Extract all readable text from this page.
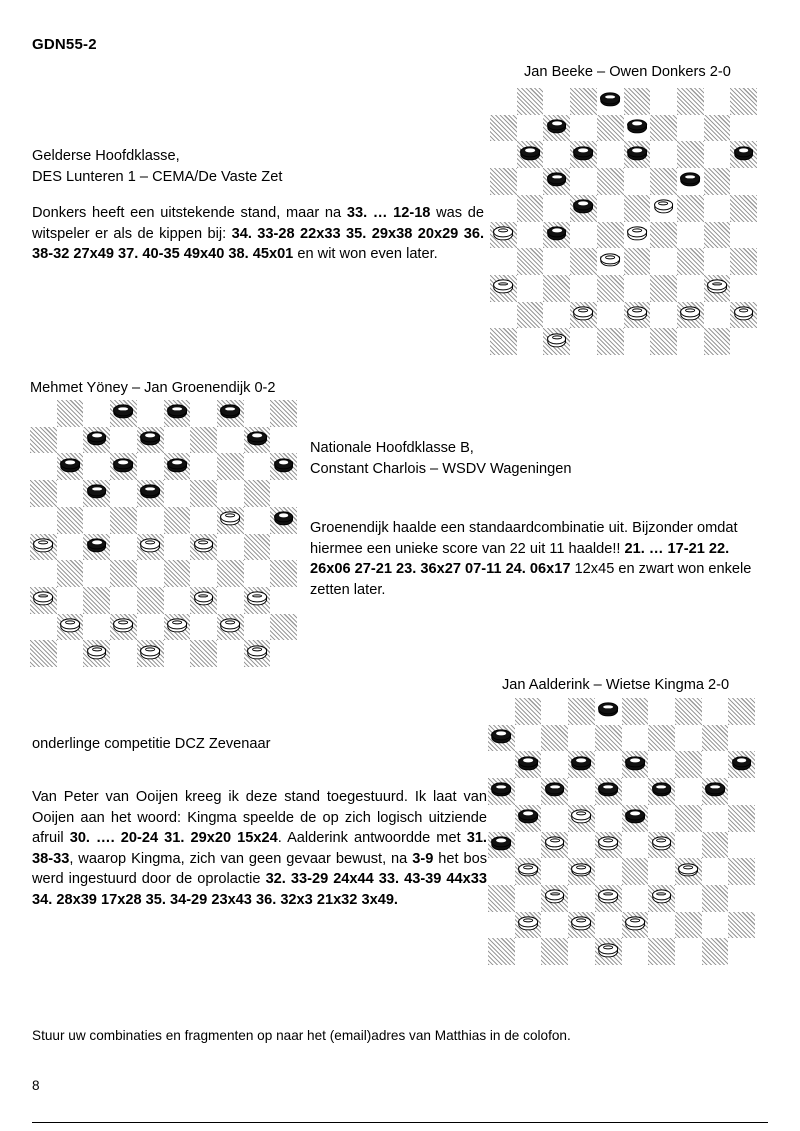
GDN55-2
Jan Beeke – Owen Donkers 2-0
Gelderse Hoofdklasse,
DES Lunteren 1 – CEMA/De Vaste Zet
Donkers heeft een uitstekende stand, maar na 33. … 12-18 was de witspeler er als de kippen bij: 34. 33-28 22x33 35. 29x38 20x29 36. 38-32 27x49 37. 40-35 49x40 38. 45x01 en wit won even later.
Mehmet Yöney – Jan Groenendijk 0-2
Nationale Hoofdklasse B,
Constant Charlois – WSDV Wageningen
Groenendijk haalde een standaardcombinatie uit. Bijzonder omdat hiermee een unieke score van 22 uit 11 haalde!! 21. … 17-21 22. 26x06 27-21 23. 36x27 07-11 24. 06x17 12x45 en zwart won enkele zetten later.
Jan Aalderink – Wietse Kingma 2-0
onderlinge competitie DCZ Zevenaar
Van Peter van Ooijen kreeg ik deze stand toegestuurd. Ik laat van Ooijen aan het woord: Kingma speelde de op zich logisch uitziende afruil 30. …. 20-24 31. 29x20 15x24. Aalderink antwoordde met 31. 38-33, waarop Kingma, zich van geen gevaar bewust, na 3-9 het bos werd ingestuurd door de oprolactie 32. 33-29 24x44 33. 43-39 44x33 34. 28x39 17x28 35. 34-29 23x43 36. 32x3 21x32 3x49.
Stuur uw combinaties en fragmenten op naar het (email)adres van Matthias in de colofon.
8
